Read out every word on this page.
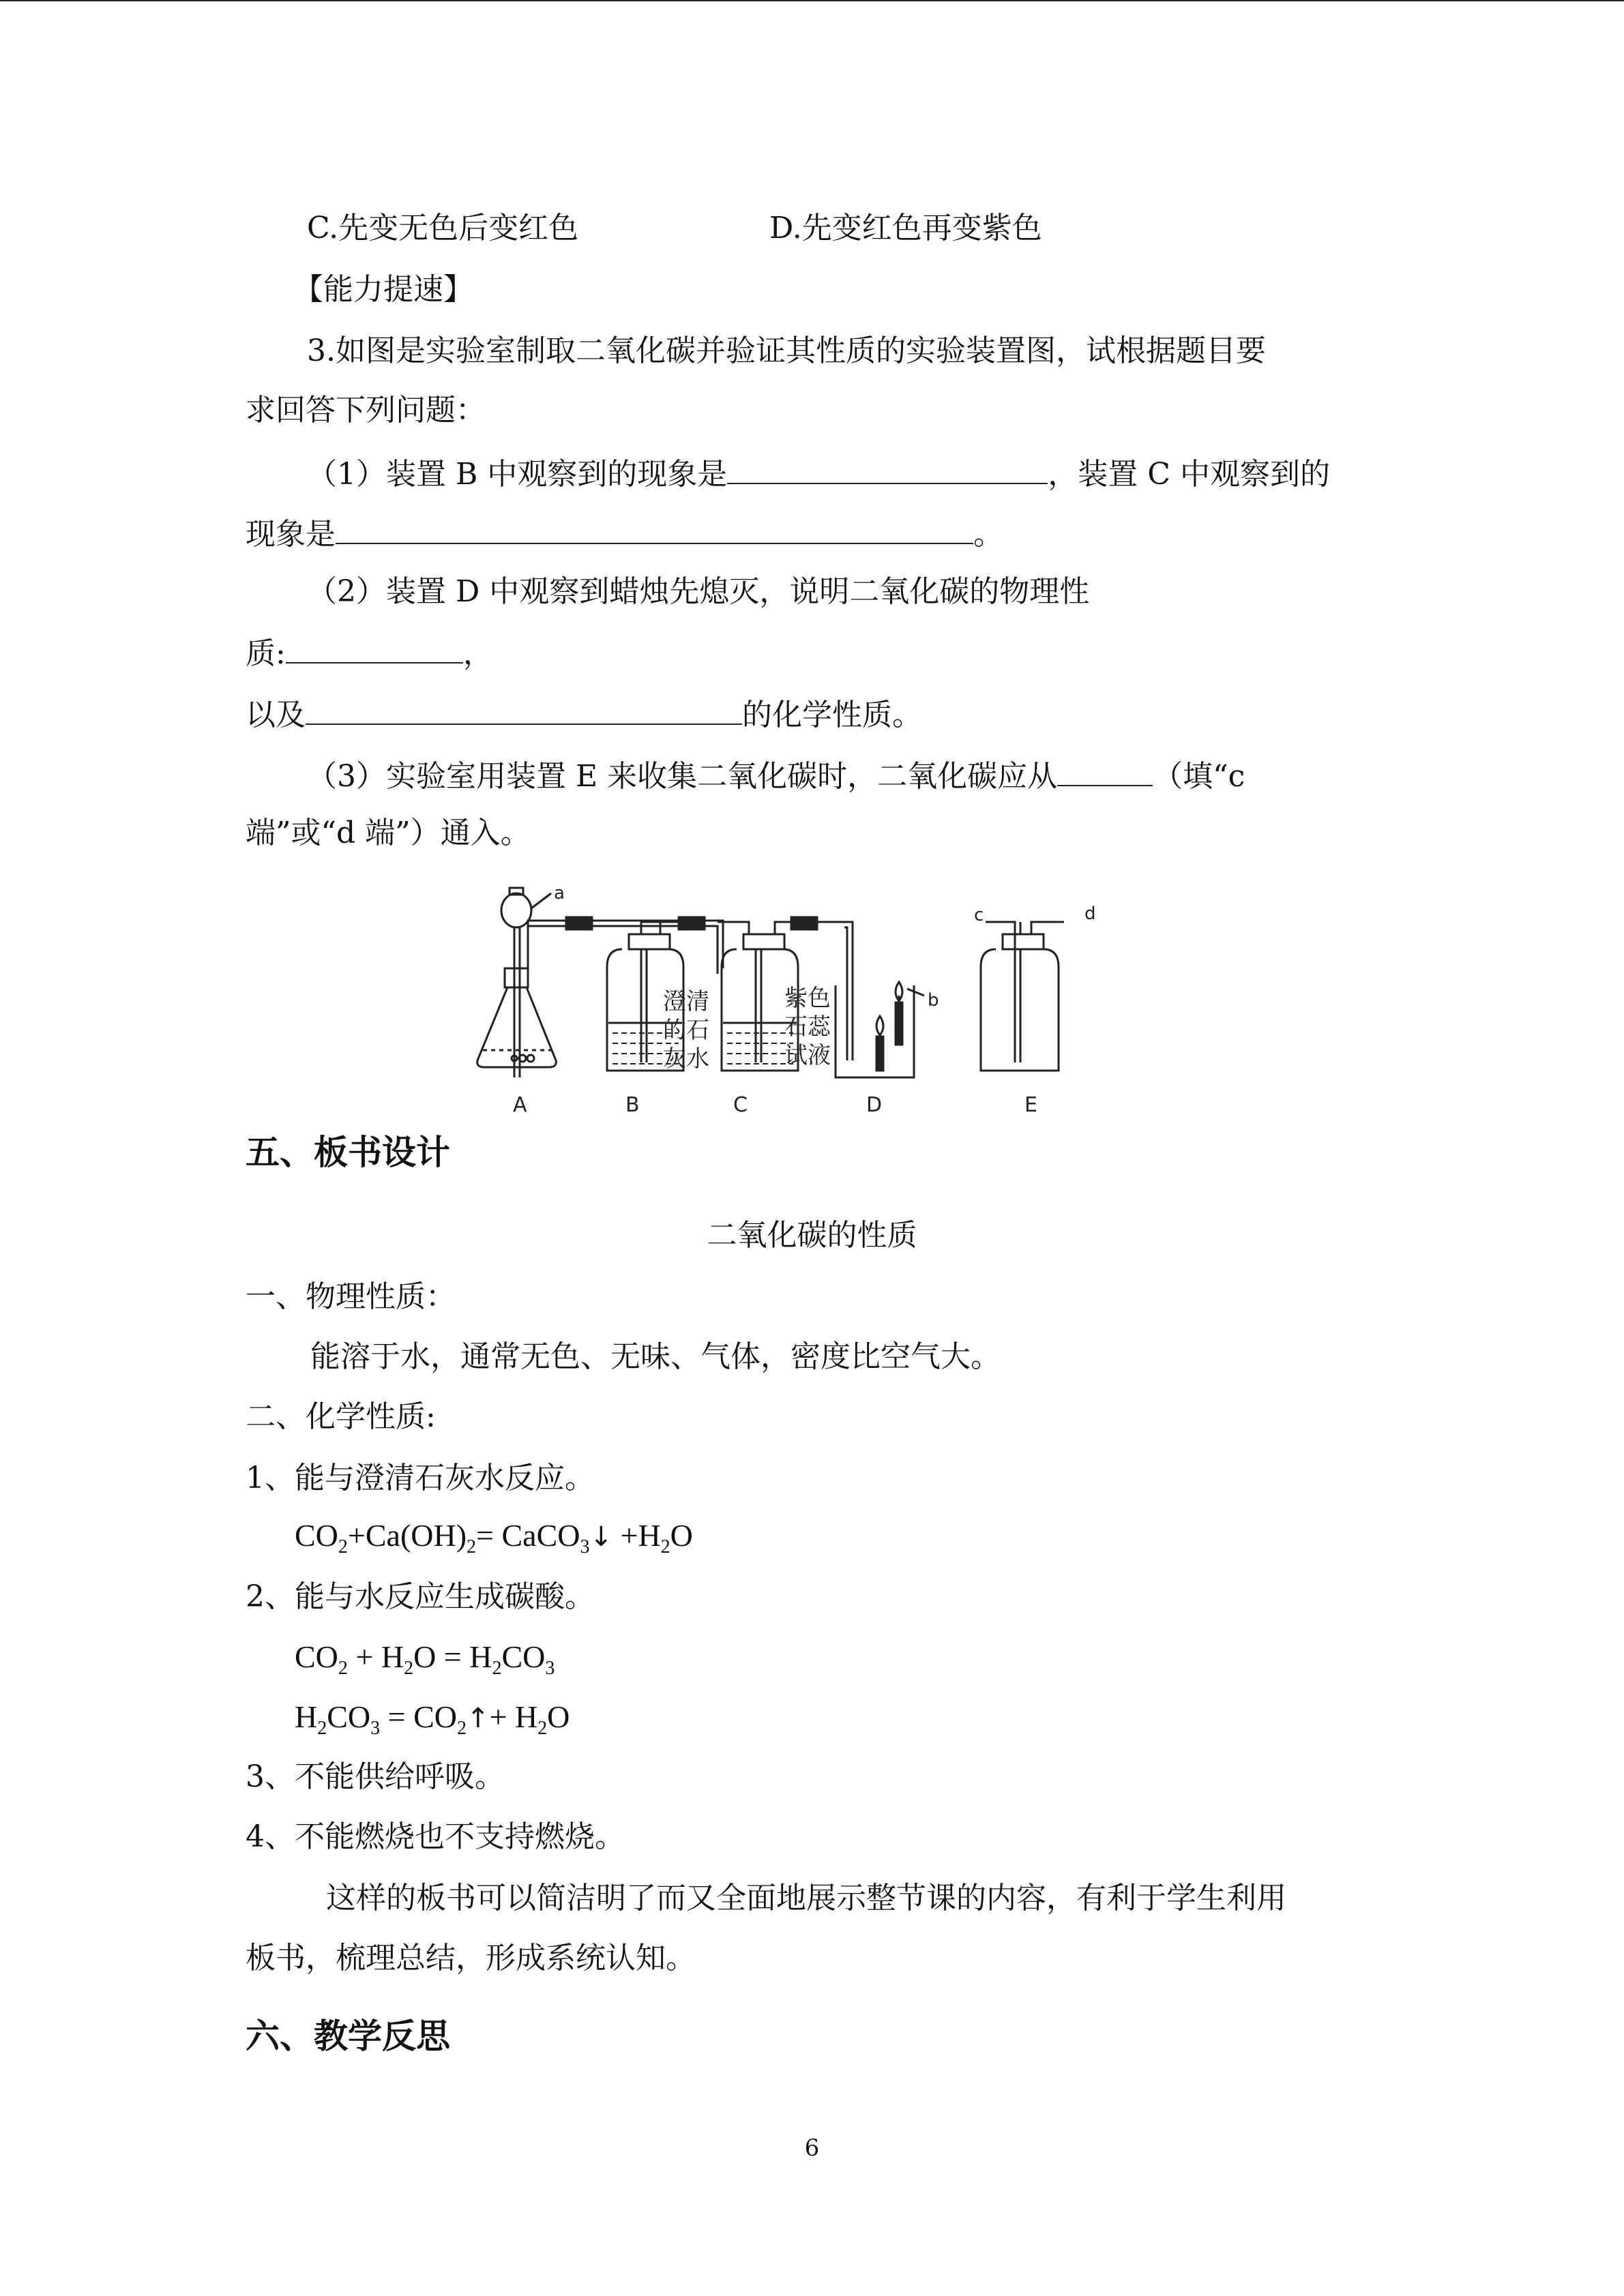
C.先变无色后变红色	D.先变红色再变紫色
【能力提速】
3.如图是实验室制取二氧化碳并验证其性质的实验装置图，试根据题目要
求回答下列问题：
（1）装置 B 中观察到的现象是	，装置 C 中观察到的
现象是	。
（2）装置 D 中观察到蜡烛先熄灭，说明二氧化碳的物理性
质:	，
以及	的化学性质。
（3）实验室用装置 E 来收集二氧化碳时，二氧化碳应从	（填“c
端”或“d 端”）通入。
a
b
c	d
澄清
的石
灰水
紫色
石蕊
试液
A	B	C	D	E
五、板书设计
二氧化碳的性质
一、物理性质：
能溶于水，通常无色、无味、气体，密度比空气大。
二、化学性质:
1、能与澄清石灰水反应。
$CO_2+Ca(OH)_2=$ CaCO$_3$↓ $+H_2O$
2、能与水反应生成碳酸。
$CO_2 + H_2O = H_2CO_3$
$H_2CO_3$ = $CO_2↑+ H_2O$
3、不能供给呼吸。
4、不能燃烧也不支持燃烧。
这样的板书可以简洁明了而又全面地展示整节课的内容，有利于学生利用
板书，梳理总结，形成系统认知。
六、教学反思
6
